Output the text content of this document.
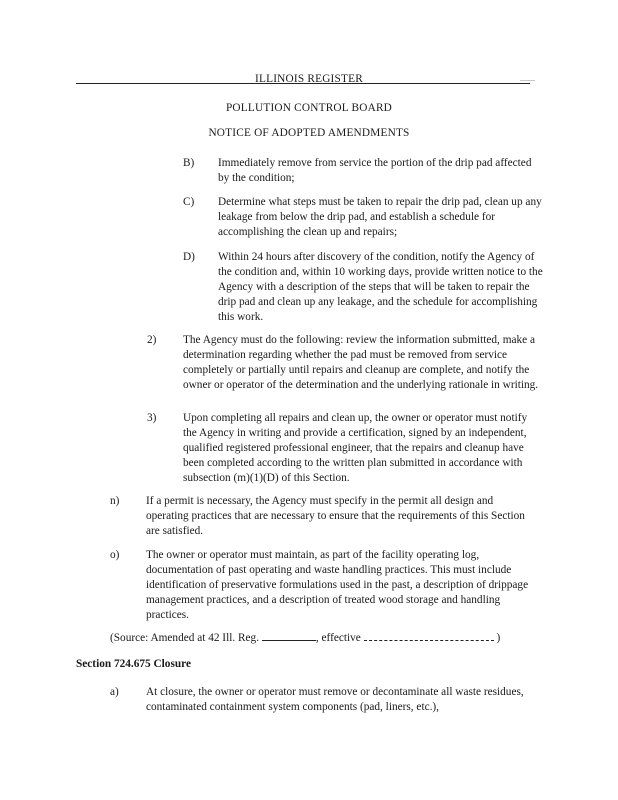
_____
ILLINOIS REGISTER
POLLUTION CONTROL BOARD
NOTICE OF ADOPTED AMENDMENTS
B)	Immediately remove from service the portion of the drip pad affected by the condition;

C)	Determine what steps must be taken to repair the drip pad, clean up any leakage from below the drip pad, and establish a schedule for accomplishing the clean up and repairs;

D)	Within 24 hours after discovery of the condition, notify the Agency of the condition and, within 10 working days, provide written notice to the Agency with a description of the steps that will be taken to repair the drip pad and clean up any leakage, and the schedule for accomplishing this work.

2)	The Agency must do the following: review the information submitted, make a determination regarding whether the pad must be removed from service completely or partially until repairs and cleanup are complete, and notify the owner or operator of the determination and the underlying rationale in writing.

3)	Upon completing all repairs and clean up, the owner or operator must notify the Agency in writing and provide a certification, signed by an independent, qualified registered professional engineer, that the repairs and cleanup have been completed according to the written plan submitted in accordance with subsection (m)(1)(D) of this Section.

n)	If a permit is necessary, the Agency must specify in the permit all design and operating practices that are necessary to ensure that the requirements of this Section are satisfied.

o)	The owner or operator must maintain, as part of the facility operating log, documentation of past operating and waste handling practices. This must include identification of preservative formulations used in the past, a description of drippage management practices, and a description of treated wood storage and handling practices.

(Source: Amended at 42 Ill. Reg.	, effective	)
Section 724.675 Closure
a)	At closure, the owner or operator must remove or decontaminate all waste residues, contaminated containment system components (pad, liners, etc.),
